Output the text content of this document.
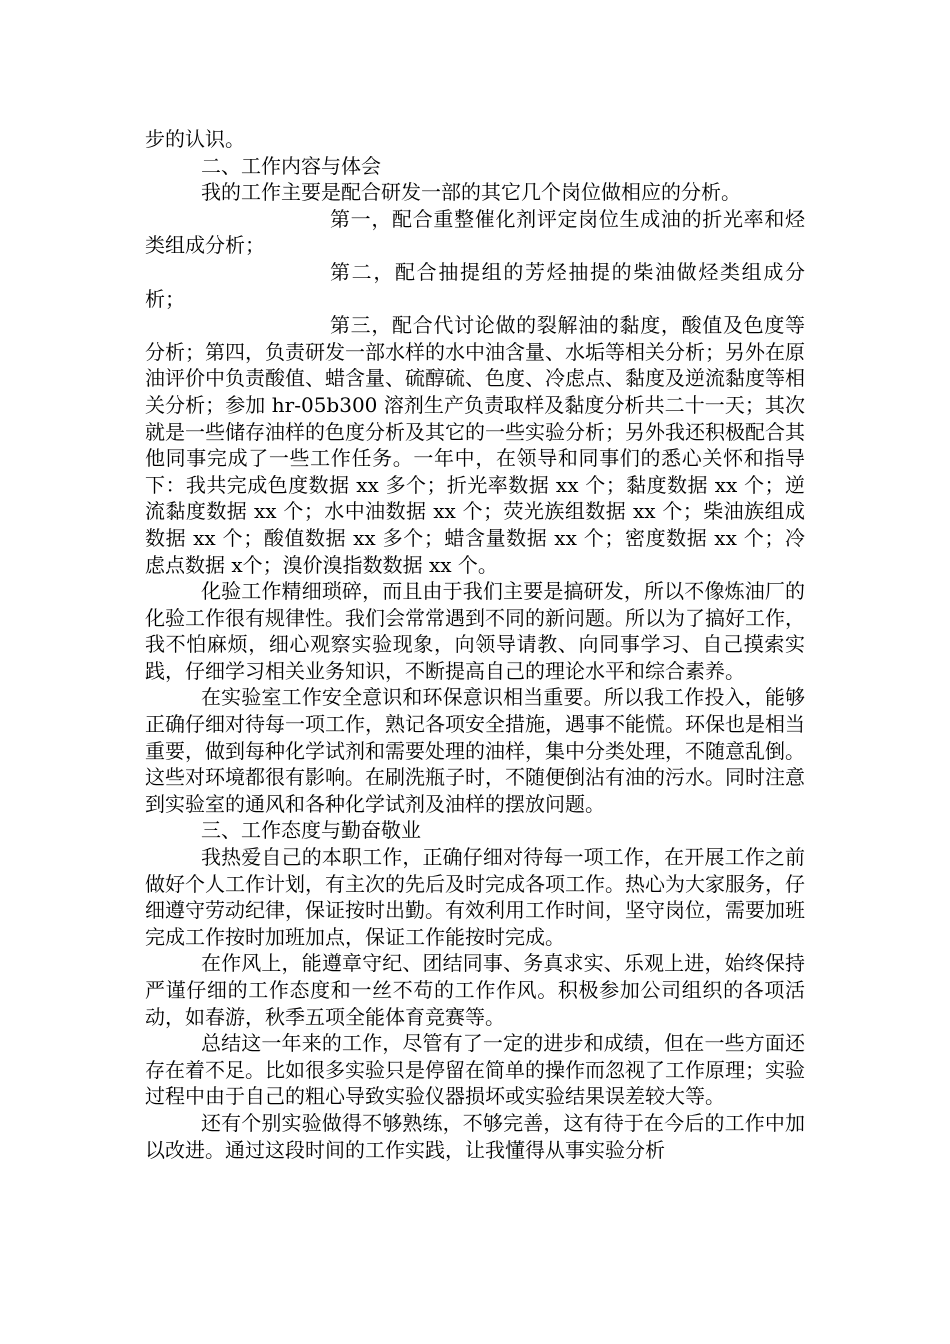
步的认识。

二、工作内容与体会

我的工作主要是配合研发一部的其它几个岗位做相应的分析。

第一，配合重整催化剂评定岗位生成油的折光率和烃类组成分析；

第二，配合抽提组的芳烃抽提的柴油做烃类组成分析；

第三，配合代讨论做的裂解油的黏度，酸值及色度等分析；第四，负责研发一部水样的水中油含量、水垢等相关分析；另外在原油评价中负责酸值、蜡含量、硫醇硫、色度、冷虑点、黏度及逆流黏度等相关分析；参加 hr-05b300 溶剂生产负责取样及黏度分析共二十一天；其次就是一些储存油样的色度分析及其它的一些实验分析；另外我还积极配合其他同事完成了一些工作任务。一年中，在领导和同事们的悉心关怀和指导下：我共完成色度数据 xx 多个；折光率数据 xx 个；黏度数据 xx 个；逆流黏度数据 xx 个；水中油数据 xx 个；荧光族组数据 xx 个；柴油族组成数据 xx 个；酸值数据 xx 多个；蜡含量数据 xx 个；密度数据 xx 个；冷虑点数据 x个；溴价溴指数数据 xx 个。

化验工作精细琐碎，而且由于我们主要是搞研发，所以不像炼油厂的化验工作很有规律性。我们会常常遇到不同的新问题。所以为了搞好工作，我不怕麻烦，细心观察实验现象，向领导请教、向同事学习、自己摸索实践，仔细学习相关业务知识，不断提高自己的理论水平和综合素养。

在实验室工作安全意识和环保意识相当重要。所以我工作投入，能够正确仔细对待每一项工作，熟记各项安全措施，遇事不能慌。环保也是相当重要，做到每种化学试剂和需要处理的油样，集中分类处理，不随意乱倒。这些对环境都很有影响。在刷洗瓶子时，不随便倒沾有油的污水。同时注意到实验室的通风和各种化学试剂及油样的摆放问题。

三、工作态度与勤奋敬业

我热爱自己的本职工作，正确仔细对待每一项工作，在开展工作之前做好个人工作计划，有主次的先后及时完成各项工作。热心为大家服务，仔细遵守劳动纪律，保证按时出勤。有效利用工作时间，坚守岗位，需要加班完成工作按时加班加点，保证工作能按时完成。

在作风上，能遵章守纪、团结同事、务真求实、乐观上进，始终保持严谨仔细的工作态度和一丝不苟的工作作风。积极参加公司组织的各项活动，如春游，秋季五项全能体育竞赛等。

总结这一年来的工作，尽管有了一定的进步和成绩，但在一些方面还存在着不足。比如很多实验只是停留在简单的操作而忽视了工作原理；实验过程中由于自己的粗心导致实验仪器损坏或实验结果误差较大等。

还有个别实验做得不够熟练，不够完善，这有待于在今后的工作中加以改进。通过这段时间的工作实践，让我懂得从事实验分析
